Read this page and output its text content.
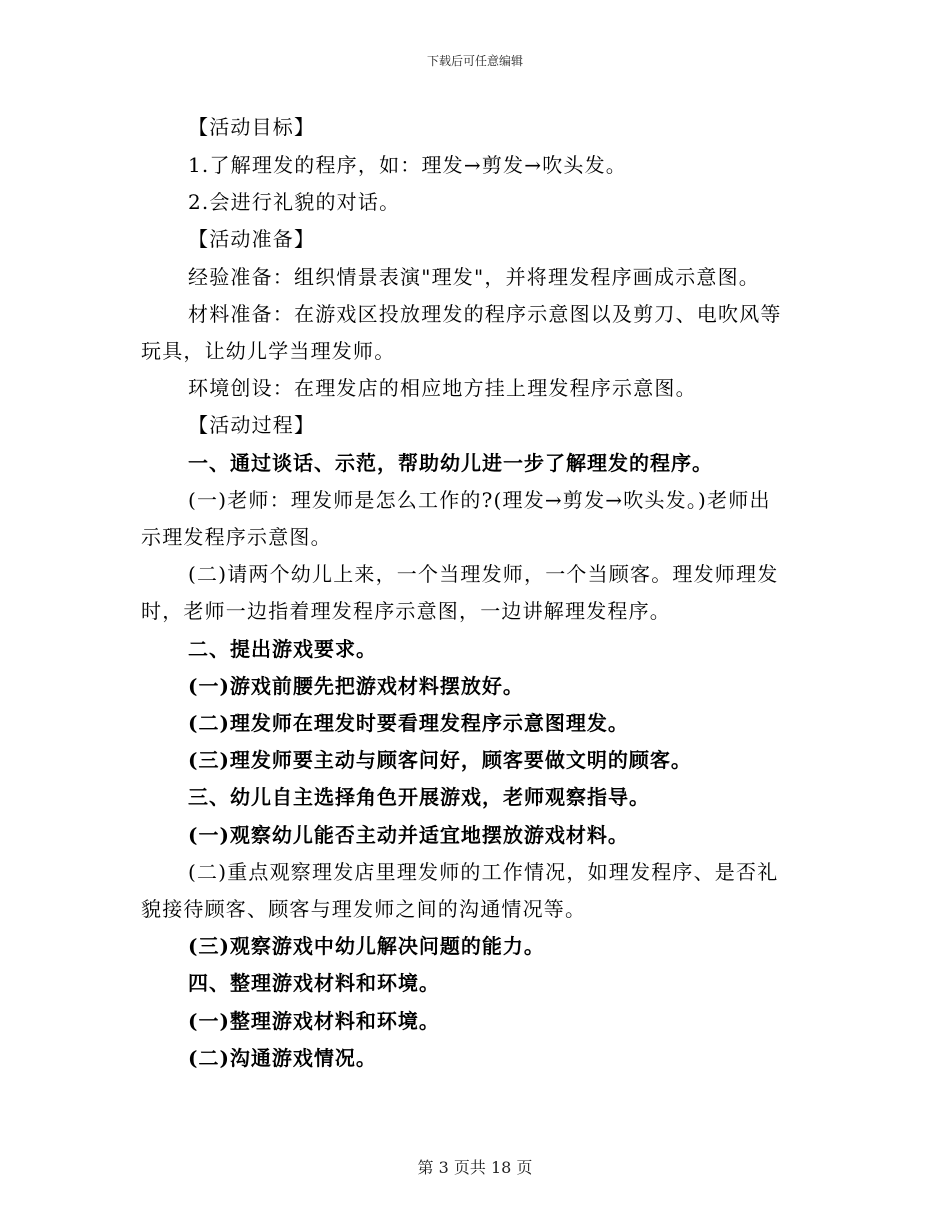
下载后可任意编辑
【活动目标】
1.了解理发的程序，如：理发→剪发→吹头发。
2.会进行礼貌的对话。
【活动准备】
经验准备：组织情景表演"理发"，并将理发程序画成示意图。
材料准备：在游戏区投放理发的程序示意图以及剪刀、电吹风等
玩具，让幼儿学当理发师。
环境创设：在理发店的相应地方挂上理发程序示意图。
【活动过程】
一、通过谈话、示范，帮助幼儿进一步了解理发的程序。
(一)老师：理发师是怎么工作的?(理发→剪发→吹头发。)老师出
示理发程序示意图。
(二)请两个幼儿上来，一个当理发师，一个当顾客。理发师理发
时，老师一边指着理发程序示意图，一边讲解理发程序。
二、提出游戏要求。
(一)游戏前腰先把游戏材料摆放好。
(二)理发师在理发时要看理发程序示意图理发。
(三)理发师要主动与顾客问好，顾客要做文明的顾客。
三、幼儿自主选择角色开展游戏，老师观察指导。
(一)观察幼儿能否主动并适宜地摆放游戏材料。
(二)重点观察理发店里理发师的工作情况，如理发程序、是否礼
貌接待顾客、顾客与理发师之间的沟通情况等。
(三)观察游戏中幼儿解决问题的能力。
四、整理游戏材料和环境。
(一)整理游戏材料和环境。
(二)沟通游戏情况。
第 3 页共 18 页
